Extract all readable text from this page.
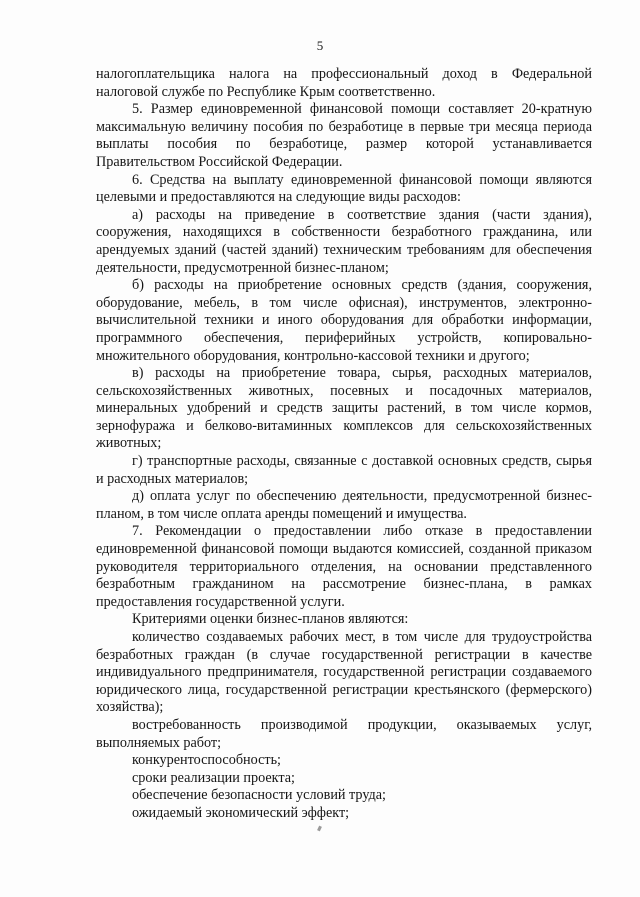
5

налогоплательщика налога на профессиональный доход в Федеральной налоговой службе по Республике Крым соответственно.

5. Размер единовременной финансовой помощи составляет 20-кратную максимальную величину пособия по безработице в первые три месяца периода выплаты пособия по безработице, размер которой устанавливается Правительством Российской Федерации.

6. Средства на выплату единовременной финансовой помощи являются целевыми и предоставляются на следующие виды расходов:

а) расходы на приведение в соответствие здания (части здания), сооружения, находящихся в собственности безработного гражданина, или арендуемых зданий (частей зданий) техническим требованиям для обеспечения деятельности, предусмотренной бизнес-планом;

б) расходы на приобретение основных средств (здания, сооружения, оборудование, мебель, в том числе офисная), инструментов, электронно-вычислительной техники и иного оборудования для обработки информации, программного обеспечения, периферийных устройств, копировально-множительного оборудования, контрольно-кассовой техники и другого;

в) расходы на приобретение товара, сырья, расходных материалов, сельскохозяйственных животных, посевных и посадочных материалов, минеральных удобрений и средств защиты растений, в том числе кормов, зернофуража и белково-витаминных комплексов для сельскохозяйственных животных;

г) транспортные расходы, связанные с доставкой основных средств, сырья и расходных материалов;

д) оплата услуг по обеспечению деятельности, предусмотренной бизнес-планом, в том числе оплата аренды помещений и имущества.

7. Рекомендации о предоставлении либо отказе в предоставлении единовременной финансовой помощи выдаются комиссией, созданной приказом руководителя территориального отделения, на основании представленного безработным гражданином на рассмотрение бизнес-плана, в рамках предоставления государственной услуги.

Критериями оценки бизнес-планов являются:

количество создаваемых рабочих мест, в том числе для трудоустройства безработных граждан (в случае государственной регистрации в качестве индивидуального предпринимателя, государственной регистрации создаваемого юридического лица, государственной регистрации крестьянского (фермерского) хозяйства);

востребованность производимой продукции, оказываемых услуг, выполняемых работ;

конкурентоспособность;

сроки реализации проекта;

обеспечение безопасности условий труда;

ожидаемый экономический эффект;
